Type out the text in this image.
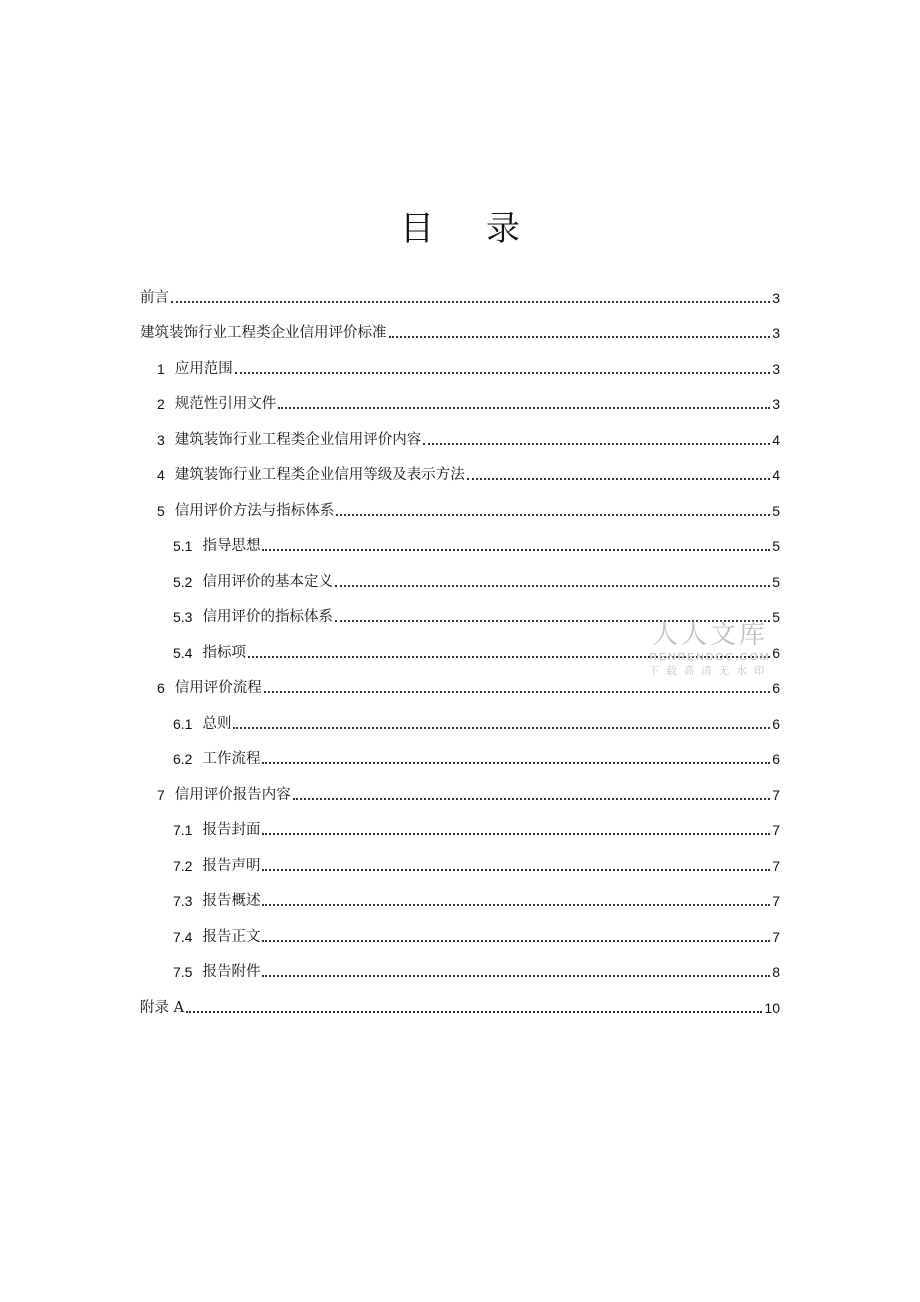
目录
前言	3
建筑装饰行业工程类企业信用评价标准	3
1 应用范围	3
2 规范性引用文件	3
3 建筑装饰行业工程类企业信用评价内容	4
4 建筑装饰行业工程类企业信用等级及表示方法	4
5 信用评价方法与指标体系	5
5.1 指导思想	5
5.2 信用评价的基本定义	5
5.3 信用评价的指标体系	5
5.4 指标项	6
6 信用评价流程	6
6.1 总则	6
6.2 工作流程	6
7 信用评价报告内容	7
7.1 报告封面	7
7.2 报告声明	7
7.3 报告概述	7
7.4 报告正文	7
7.5 报告附件	8
附录 A	10
人人文库
RENRENDOC.COM
下载高清无水印
